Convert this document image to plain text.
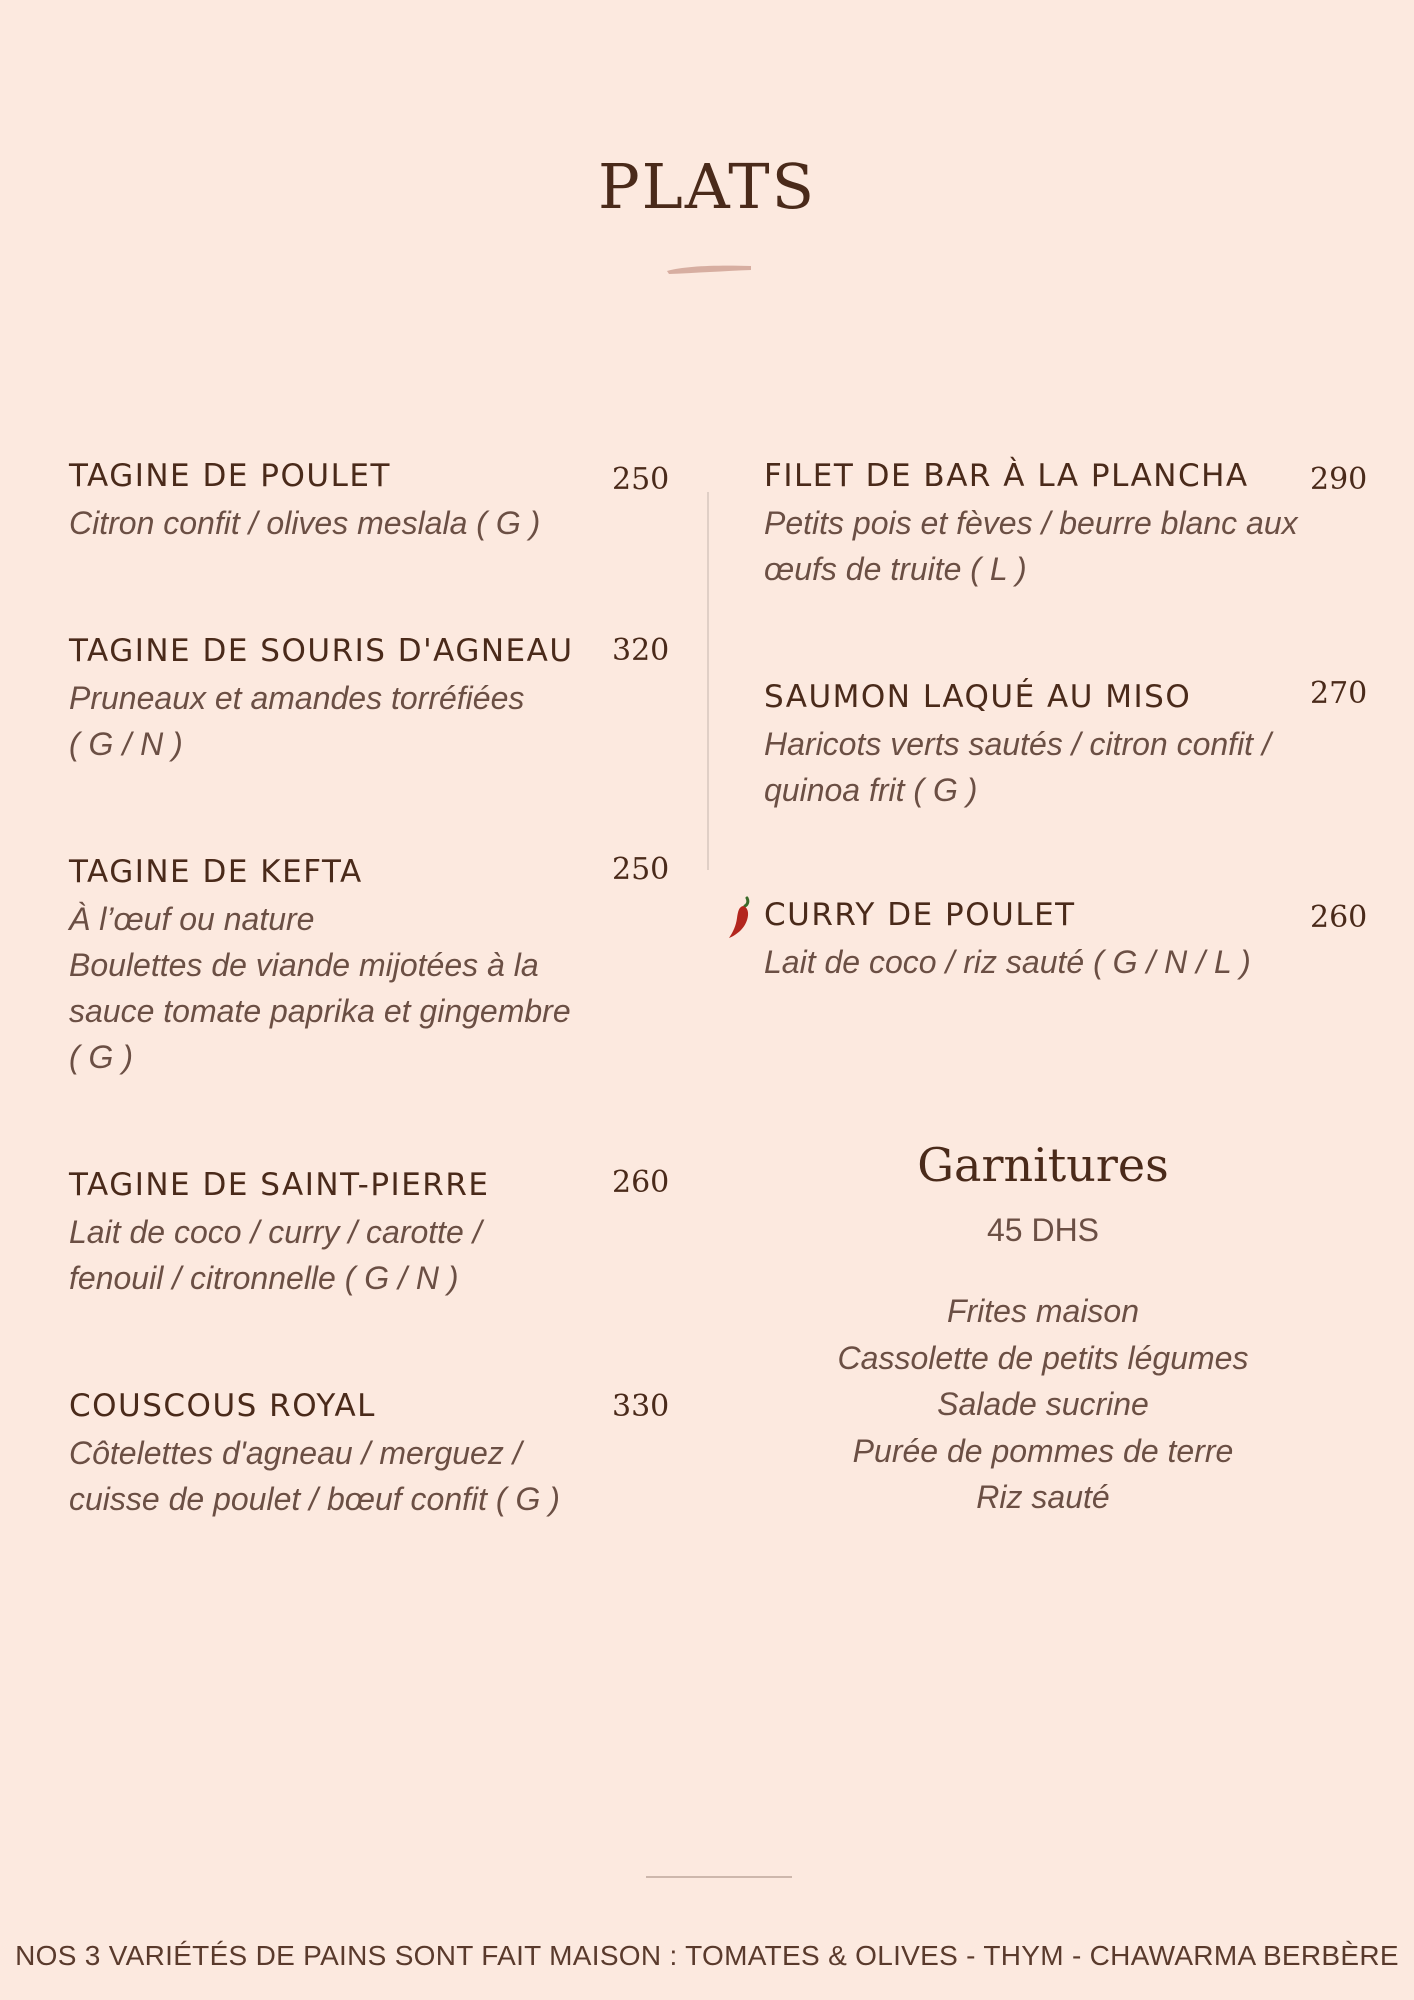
PLATS
TAGINE DE POULET
Citron confit / olives meslala ( G )
250
TAGINE DE SOURIS D'AGNEAU
Pruneaux et amandes torréfiées
( G / N )
320
TAGINE DE KEFTA
À l’œuf ou nature
Boulettes de viande mijotées à la
sauce tomate paprika et gingembre
( G )
250
TAGINE DE SAINT-PIERRE
Lait de coco / curry / carotte /
fenouil / citronnelle ( G / N )
260
COUSCOUS ROYAL
Côtelettes d'agneau / merguez /
cuisse de poulet / bœuf confit ( G )
330
FILET DE BAR À LA PLANCHA
Petits pois et fèves / beurre blanc aux
œufs de truite ( L )
290
SAUMON LAQUÉ AU MISO
Haricots verts sautés / citron confit /
quinoa frit ( G )
270
CURRY DE POULET
Lait de coco / riz sauté ( G / N / L )
260
Garnitures
45 DHS
Frites maison
Cassolette de petits légumes
Salade sucrine
Purée de pommes de terre
Riz sauté
NOS 3 VARIÉTÉS DE PAINS SONT FAIT MAISON : TOMATES & OLIVES - THYM - CHAWARMA BERBÈRE
